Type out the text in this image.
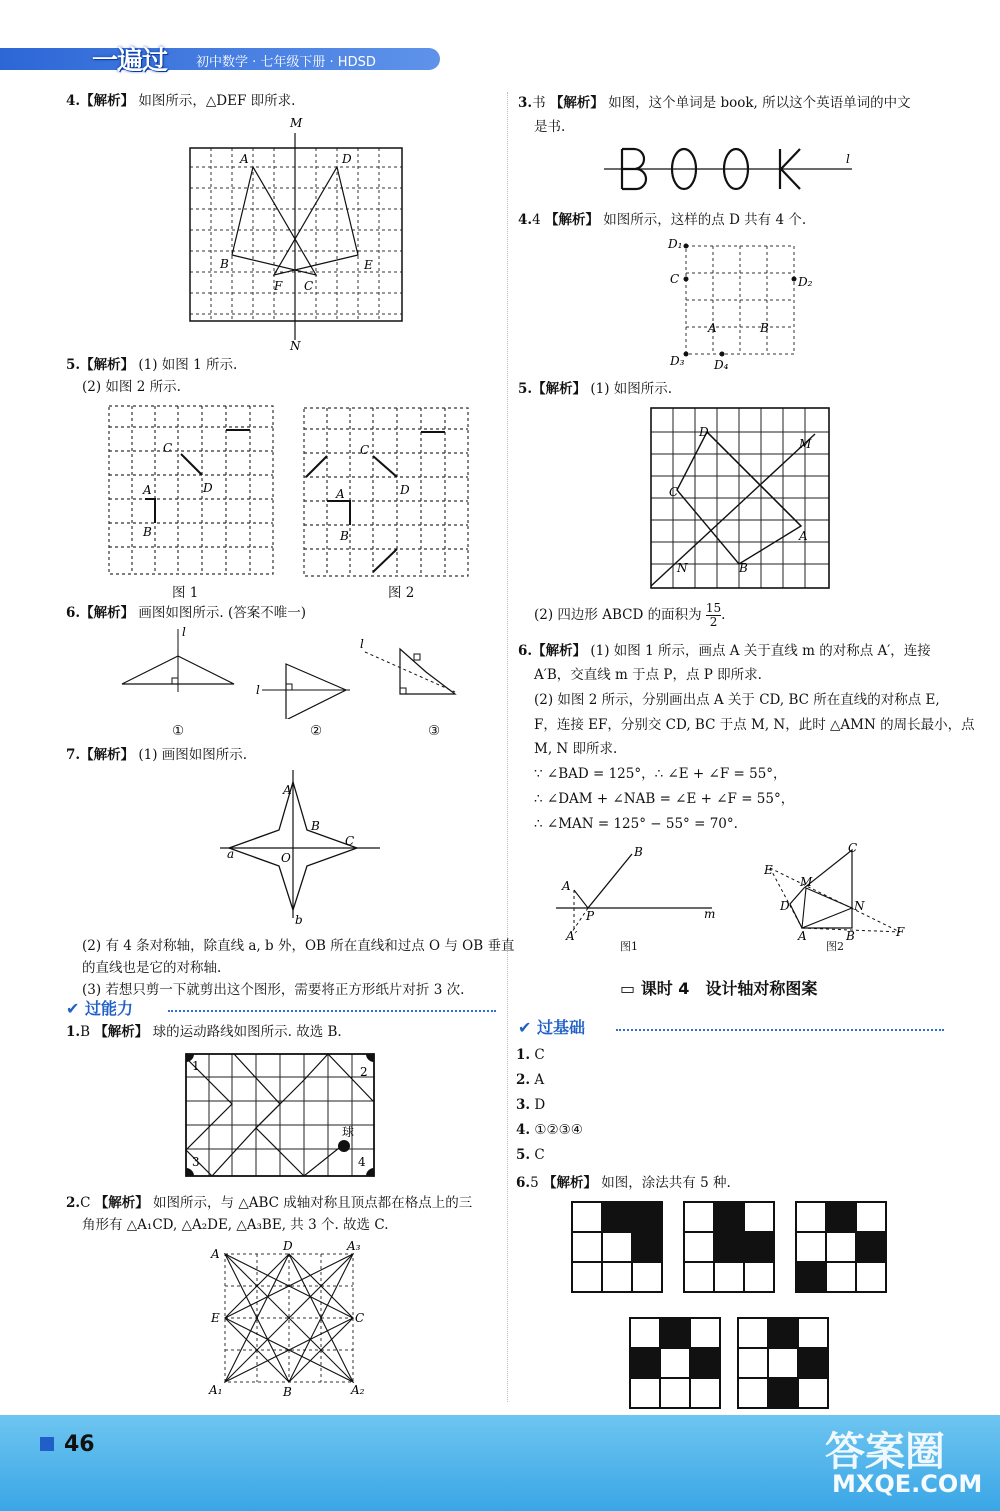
一遍过 初中数学 · 七年级下册 · HDSD
4.【解析】 如图所示，△DEF 即所求.
M
N
A	D
B	E
F C
5.【解析】 (1) 如图 1 所示.
(2) 如图 2 所示.
C
D
A
B
图 1
C
D
A
B
图 2
6.【解析】 画图如图所示. (答案不唯一)
l
l
l
①	②	③
7.【解析】 (1) 画图如图所示.
A
B
C
a	O
b
(2) 有 4 条对称轴，除直线 a, b 外，OB 所在直线和过点 O 与 OB 垂直
的直线也是它的对称轴.
(3) 若想只剪一下就剪出这个图形，需要将正方形纸片对折 3 次.
✔ 过能力
1.B 【解析】 球的运动路线如图所示. 故选 B.
1	2
3	4
球
2.C 【解析】 如图所示，与 △ABC 成轴对称且顶点都在格点上的三
角形有 △A₁CD, △A₂DE, △A₃BE, 共 3 个. 故选 C.
A
D	A₃
E	C
A₁	B	A₂
3.书 【解析】 如图，这个单词是 book, 所以这个英语单词的中文
是书.
l
4.4 【解析】 如图所示，这样的点 D 共有 4 个.
D₁
C	D₂
A	B
D₃ D₄
5.【解析】 (1) 如图所示.
D
M
C
A
N	B
(2) 四边形 ABCD 的面积为 $\frac{15}{2}$ .
6.【解析】 (1) 如图 1 所示，画点 A 关于直线 m 的对称点 A′，连接
A′B，交直线 m 于点 P，点 P 即所求.
(2) 如图 2 所示，分别画出点 A 关于 CD, BC 所在直线的对称点 E,
F，连接 EF，分别交 CD, BC 于点 M, N，此时 △AMN 的周长最小，点
M, N 即所求.
∵ ∠BAD = 125°，∴ ∠E + ∠F = 55°，
∴ ∠DAM + ∠NAB = ∠E + ∠F = 55°，
∴ ∠MAN = 125° − 55° = 70°.
B
A
P
A′
m
图1
E
M
D	N
C
A	B	F
图2
▭ 课时 4　设计轴对称图案
✔ 过基础
1. C
2. A
3. D
4. ①②③④
5. C
6.5 【解析】 如图，涂法共有 5 种.
46	答案圈
MXQE.COM
